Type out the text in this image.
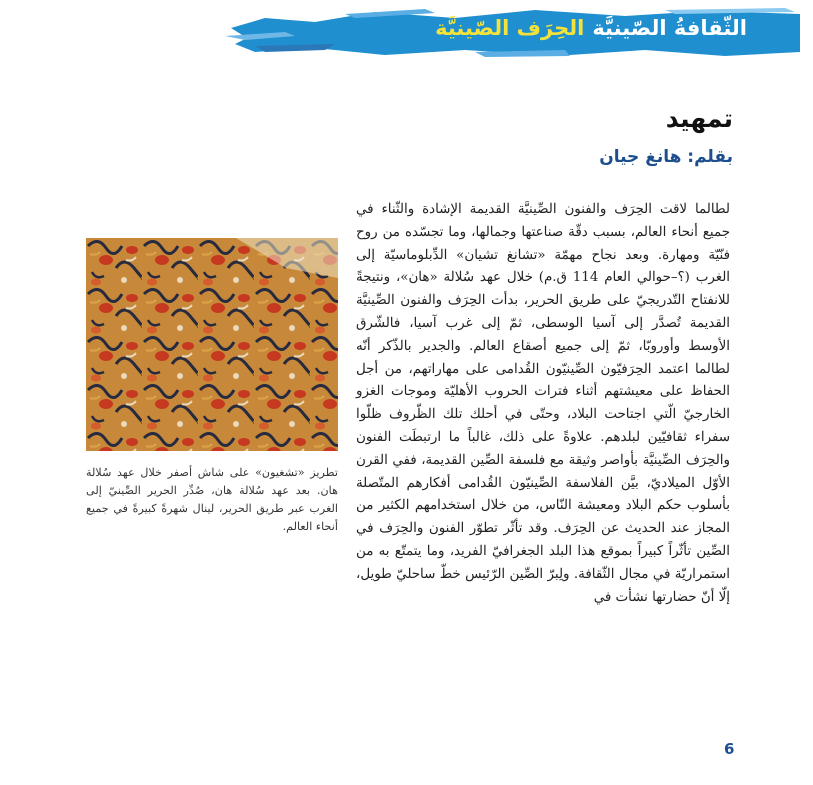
الثّقافةُ الصّينيَّةالحِرَف الصّينيَّة
تمهيد
بقلم: هانغ جيان

لطالما لاقت الحِرَف والفنون الصِّينيَّة القديمة الإشادة والثّناء في جميع أنحاء العالم، بسبب دقّة صناعتها وجمالها، وما تجسّده من روح فنّيّة ومهارة. وبعد نجاح مهمّة «تشانغ تشيان» الدِّبلوماسيّة إلى الغرب (؟–حوالي العام 114 ق.م) خلال عهد سُلالة «هان»، ونتيجةً للانفتاح التّدريجيّ على طريق الحرير، بدأت الحِرَف والفنون الصِّينيَّة القديمة تُصدَّر إلى آسيا الوسطى، ثمّ إلى غرب آسيا، فالشّرق الأوسط وأوروبّا، ثمّ إلى جميع أصقاع العالم. والجدير بالذّكر أنّه لطالما اعتمد الحِرَفيّون الصِّينيّون القُدامى على مهاراتهم، من أجل الحفاظ على معيشتهم أثناء فترات الحروب الأهليّة وموجات الغزو الخارجيّ الّتي اجتاحت البلاد، وحتّى في أحلك تلك الظّروف ظلّوا سفراء ثقافيّين لبلدهم. علاوةً على ذلك، غالباً ما ارتبطَت الفنون والحِرَف الصِّينيَّة بأواصر وثيقة مع فلسفة الصِّين القديمة، ففي القرن الأوّل الميلاديّ، بيَّن الفلاسفة الصِّينيّون القُدامى أفكارهم المتّصلة بأسلوب حكم البلاد ومعيشة النّاس، من خلال استخدامهم الكثير من المجاز عند الحديث عن الحِرَف. وقد تأثّر تطوّر الفنون والحِرَف في الصِّين تأثّراً كبيراً بموقع هذا البلد الجغرافيّ الفريد، وما يتمتّع به من استمراريّة في مجال الثّقافة. ولِبرّ الصِّين الرّئيس خطّ ساحليّ طويل، إلّا أنّ حضارتها نشأت في

تطريز «تشغيون» على شاش أصفر خلال عهد سُلالة هان. بعد عهد سُلالة هان، صُدِّر الحرير الصِّينيّ إلى الغرب عبر طريق الحرير، لينال شهرةً كبيرةً في جميع أنحاء العالم.
6
